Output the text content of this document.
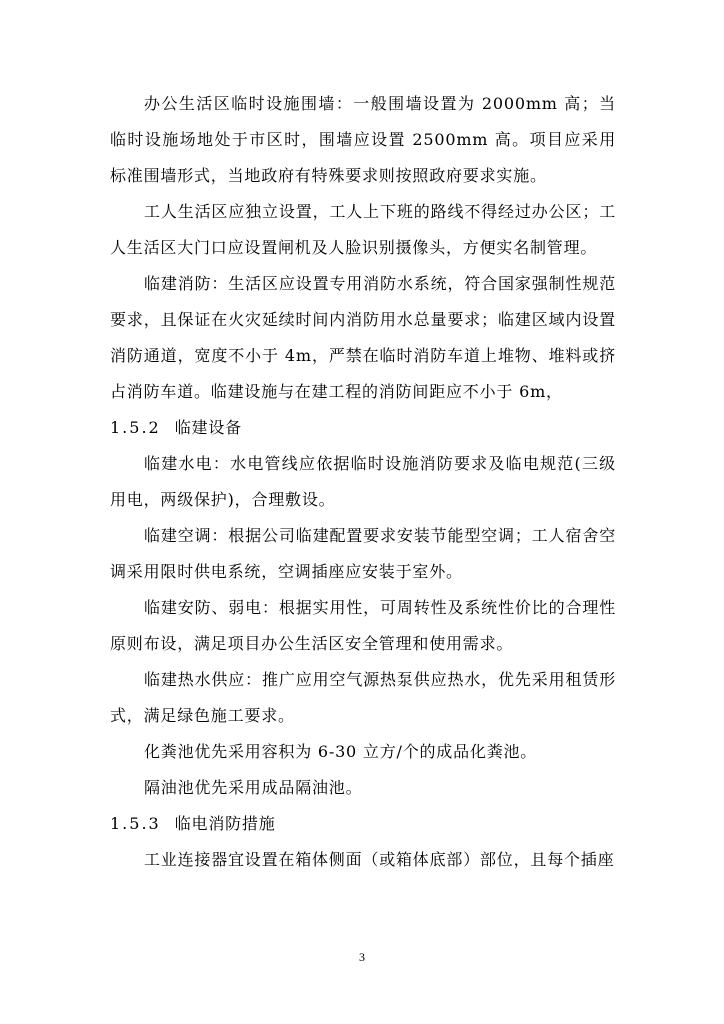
办公生活区临时设施围墙：一般围墙设置为 2000mm 高；当临时设施场地处于市区时，围墙应设置 2500mm 高。项目应采用标准围墙形式，当地政府有特殊要求则按照政府要求实施。

工人生活区应独立设置，工人上下班的路线不得经过办公区；工人生活区大门口应设置闸机及人脸识别摄像头，方便实名制管理。

临建消防：生活区应设置专用消防水系统，符合国家强制性规范要求，且保证在火灾延续时间内消防用水总量要求；临建区域内设置消防通道，宽度不小于 4m，严禁在临时消防车道上堆物、堆料或挤占消防车道。临建设施与在建工程的消防间距应不小于 6m，

1.5.2 临建设备

临建水电：水电管线应依据临时设施消防要求及临电规范(三级用电，两级保护)，合理敷设。

临建空调：根据公司临建配置要求安装节能型空调；工人宿舍空调采用限时供电系统，空调插座应安装于室外。

临建安防、弱电：根据实用性，可周转性及系统性价比的合理性原则布设，满足项目办公生活区安全管理和使用需求。

临建热水供应：推广应用空气源热泵供应热水，优先采用租赁形式，满足绿色施工要求。

化粪池优先采用容积为 6-30 立方/个的成品化粪池。

隔油池优先采用成品隔油池。

1.5.3 临电消防措施

工业连接器宜设置在箱体侧面（或箱体底部）部位，且每个插座

3
